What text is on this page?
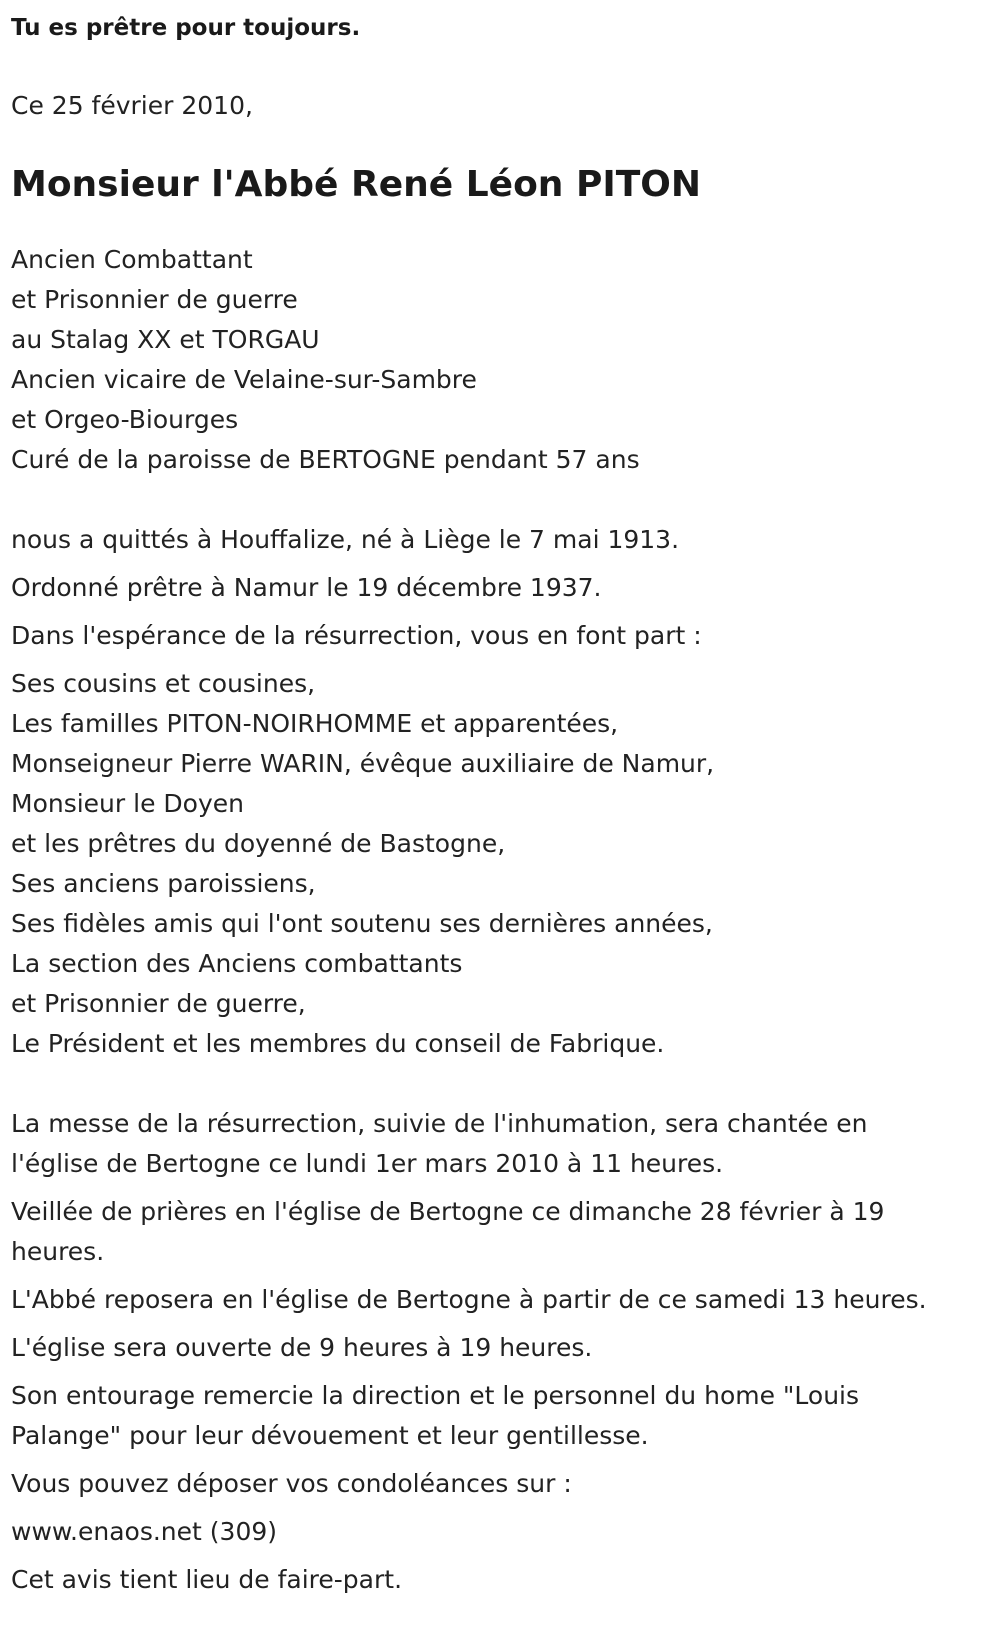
Tu es prêtre pour toujours.

Ce 25 février 2010,

Monsieur l'Abbé René Léon PITON

Ancien Combattant

et Prisonnier de guerre

au Stalag XX et TORGAU

Ancien vicaire de Velaine-sur-Sambre

et Orgeo-Biourges

Curé de la paroisse de BERTOGNE pendant 57 ans

nous a quittés à Houffalize, né à Liège le 7 mai 1913.

Ordonné prêtre à Namur le 19 décembre 1937.

Dans l'espérance de la résurrection, vous en font part :

Ses cousins et cousines,

Les familles PITON-NOIRHOMME et apparentées,

Monseigneur Pierre WARIN, évêque auxiliaire de Namur,

Monsieur le Doyen

et les prêtres du doyenné de Bastogne,

Ses anciens paroissiens,

Ses fidèles amis qui l'ont soutenu ses dernières années,

La section des Anciens combattants

et Prisonnier de guerre,

Le Président et les membres du conseil de Fabrique.

La messe de la résurrection, suivie de l'inhumation, sera chantée en

l'église de Bertogne ce lundi 1er mars 2010 à 11 heures.

Veillée de prières en l'église de Bertogne ce dimanche 28 février à 19

heures.

L'Abbé reposera en l'église de Bertogne à partir de ce samedi 13 heures.

L'église sera ouverte de 9 heures à 19 heures.

Son entourage remercie la direction et le personnel du home "Louis

Palange" pour leur dévouement et leur gentillesse.

Vous pouvez déposer vos condoléances sur :

www.enaos.net (309)

Cet avis tient lieu de faire-part.
